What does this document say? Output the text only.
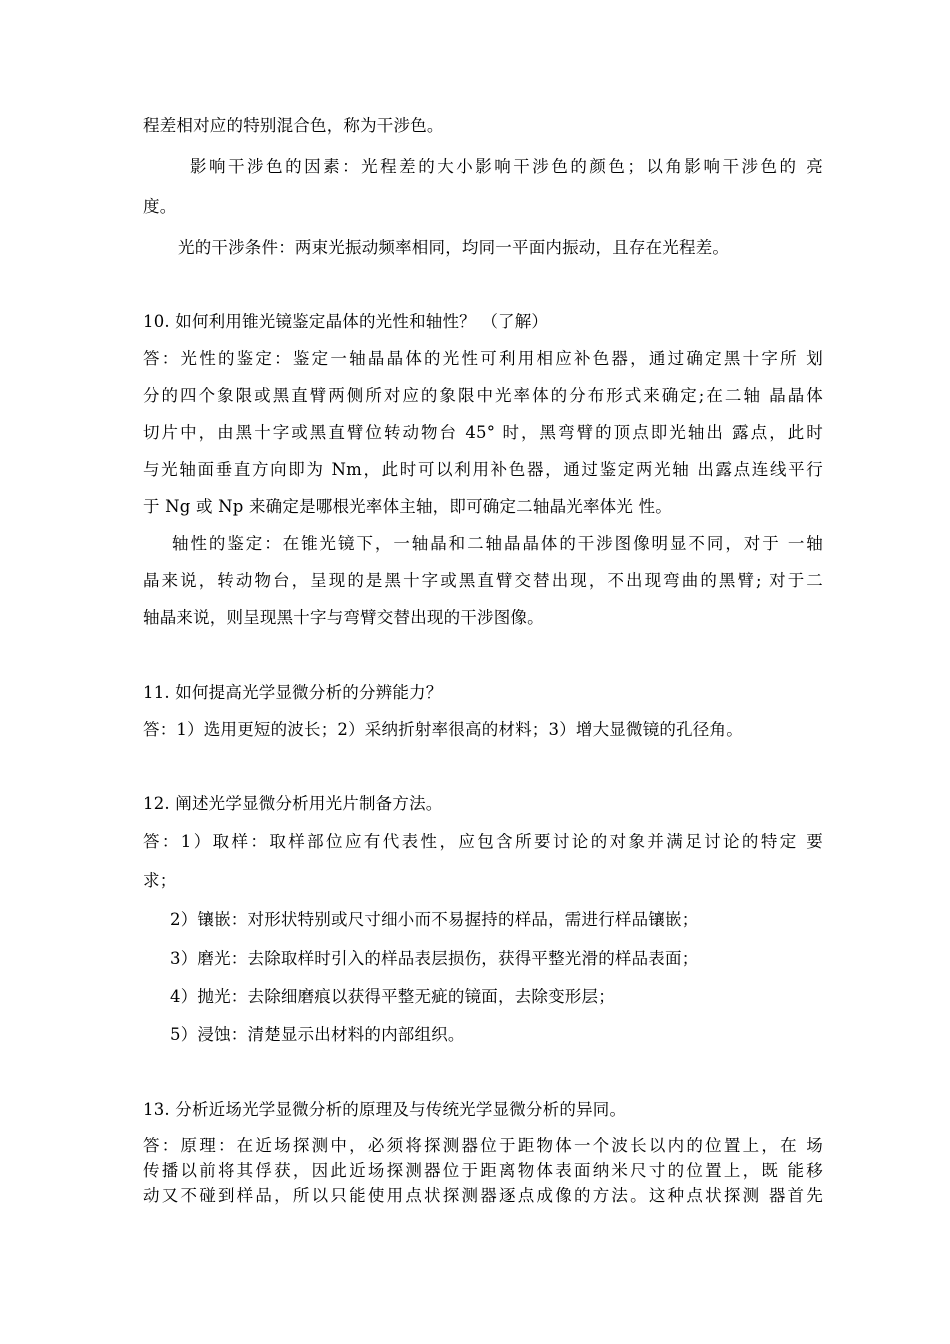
程差相对应的特别混合色，称为干涉色。
影响干涉色的因素：光程差的大小影响干涉色的颜色；以角影响干涉色的 亮
度。
光的干涉条件：两束光振动频率相同，均同一平面内振动，且存在光程差。
10. 如何利用锥光镜鉴定晶体的光性和轴性？ （了解）
答：光性的鉴定：鉴定一轴晶晶体的光性可利用相应补色器，通过确定黑十字所 划
分的四个象限或黑直臂两侧所对应的象限中光率体的分布形式来确定;在二轴 晶晶体
切片中，由黑十字或黑直臂位转动物台 45° 时，黑弯臂的顶点即光轴出 露点，此时
与光轴面垂直方向即为 Nm，此时可以利用补色器，通过鉴定两光轴 出露点连线平行
于 Ng 或 Np 来确定是哪根光率体主轴，即可确定二轴晶光率体光 性。
轴性的鉴定：在锥光镜下，一轴晶和二轴晶晶体的干涉图像明显不同，对于 一轴
晶来说，转动物台，呈现的是黑十字或黑直臂交替出现，不出现弯曲的黑臂; 对于二
轴晶来说，则呈现黑十字与弯臂交替出现的干涉图像。
11. 如何提高光学显微分析的分辨能力？
答：1）选用更短的波长；2）采纳折射率很高的材料；3）增大显微镜的孔径角。
12. 阐述光学显微分析用光片制备方法。
答：1）取样：取样部位应有代表性，应包含所要讨论的对象并满足讨论的特定 要
求；
2）镶嵌：对形状特别或尺寸细小而不易握持的样品，需进行样品镶嵌；
3）磨光：去除取样时引入的样品表层损伤，获得平整光滑的样品表面；
4）抛光：去除细磨痕以获得平整无疵的镜面，去除变形层；
5）浸蚀：清楚显示出材料的内部组织。
13. 分析近场光学显微分析的原理及与传统光学显微分析的异同。
答：原理：在近场探测中，必须将探测器位于距物体一个波长以内的位置上，在 场
传播以前将其俘获，因此近场探测器位于距离物体表面纳米尺寸的位置上，既 能移
动又不碰到样品，所以只能使用点状探测器逐点成像的方法。这种点状探测 器首先
